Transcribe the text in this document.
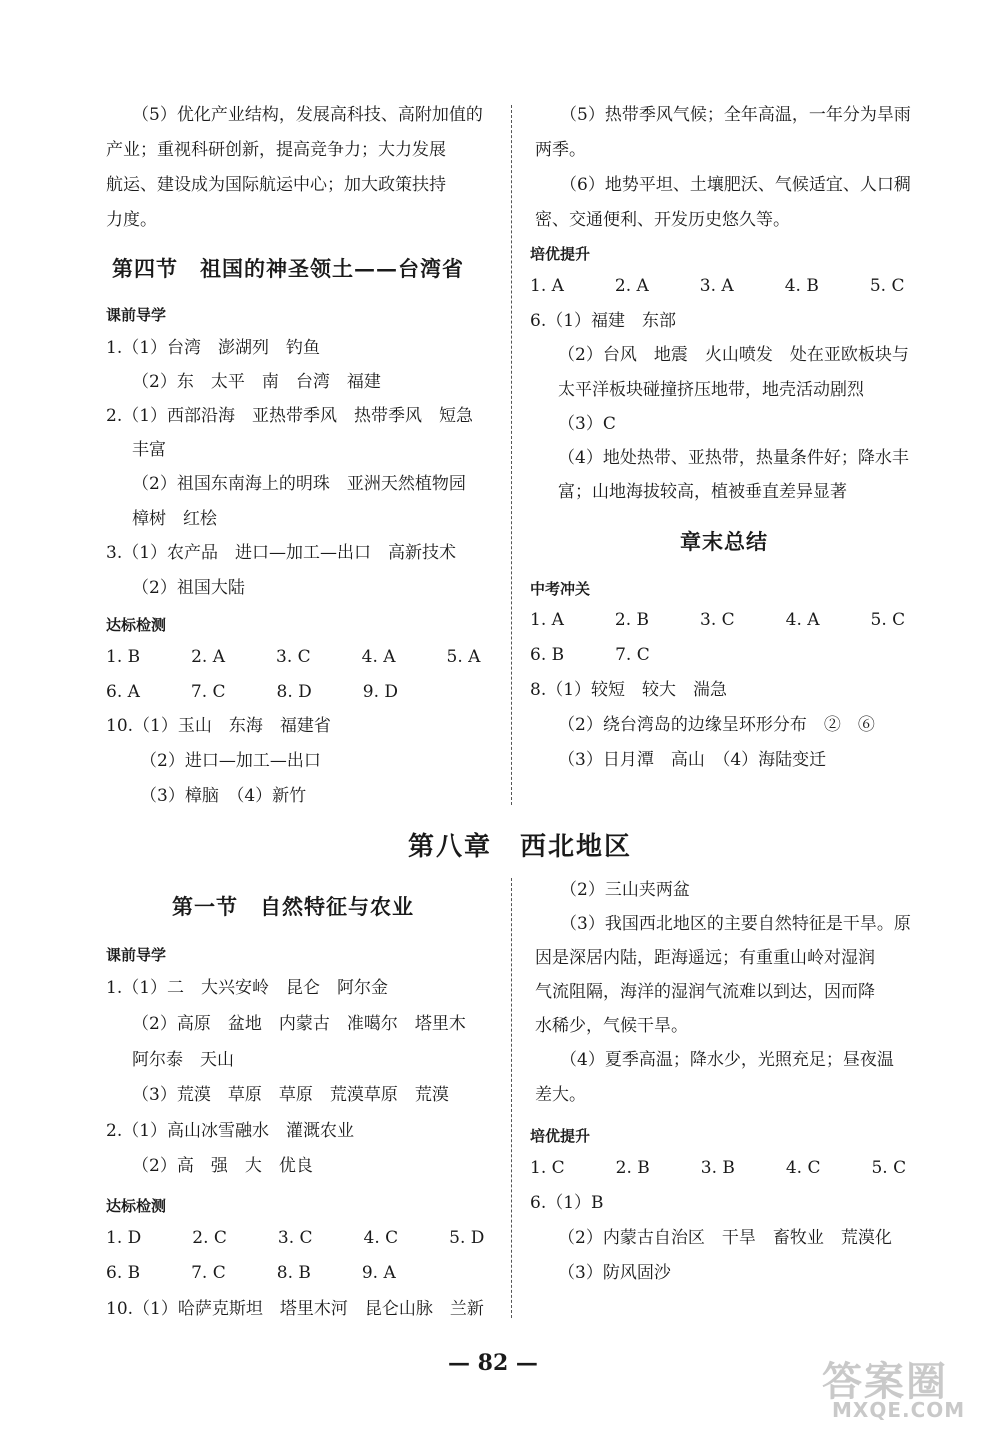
（5）优化产业结构，发展高科技、高附加值的
产业；重视科研创新，提高竞争力；大力发展
航运、建设成为国际航运中心；加大政策扶持
力度。
第四节　祖国的神圣领土——台湾省
课前导学
1.（1）台湾　澎湖列　钓鱼
（2）东　太平　南　台湾　福建
2.（1）西部沿海　亚热带季风　热带季风　短急
丰富
（2）祖国东南海上的明珠　亚洲天然植物园
樟树　红桧
3.（1）农产品　进口—加工—出口　高新技术
（2）祖国大陆
达标检测
1. B　　　2. A　　　3. C　　　4. A　　　5. A
6. A　　　7. C　　　8. D　　　9. D
10.（1）玉山　东海　福建省
（2）进口—加工—出口
（3）樟脑　（4）新竹
（5）热带季风气候；全年高温，一年分为旱雨
两季。
（6）地势平坦、土壤肥沃、气候适宜、人口稠
密、交通便利、开发历史悠久等。
培优提升
1. A　　　2. A　　　3. A　　　4. B　　　5. C
6.（1）福建　东部
（2）台风　地震　火山喷发　处在亚欧板块与
太平洋板块碰撞挤压地带，地壳活动剧烈
（3）C
（4）地处热带、亚热带，热量条件好；降水丰
富；山地海拔较高，植被垂直差异显著
章末总结
中考冲关
1. A　　　2. B　　　3. C　　　4. A　　　5. C
6. B　　　7. C
8.（1）较短　较大　湍急
（2）绕台湾岛的边缘呈环形分布　②　⑥
（3）日月潭　高山　（4）海陆变迁
第八章　西北地区
第一节　自然特征与农业
课前导学
1.（1）二　大兴安岭　昆仑　阿尔金
（2）高原　盆地　内蒙古　准噶尔　塔里木
阿尔泰　天山
（3）荒漠　草原　草原　荒漠草原　荒漠
2.（1）高山冰雪融水　灌溉农业
（2）高　强　大　优良
达标检测
1. D　　　2. C　　　3. C　　　4. C　　　5. D
6. B　　　7. C　　　8. B　　　9. A
10.（1）哈萨克斯坦　塔里木河　昆仑山脉　兰新
（2）三山夹两盆
（3）我国西北地区的主要自然特征是干旱。原
因是深居内陆，距海遥远；有重重山岭对湿润
气流阻隔，海洋的湿润气流难以到达，因而降
水稀少，气候干旱。
（4）夏季高温；降水少，光照充足；昼夜温
差大。
培优提升
1. C　　　2. B　　　3. B　　　4. C　　　5. C
6.（1）B
（2）内蒙古自治区　干旱　畜牧业　荒漠化
（3）防风固沙
— 82 —	答案圈
MXQE.COM
